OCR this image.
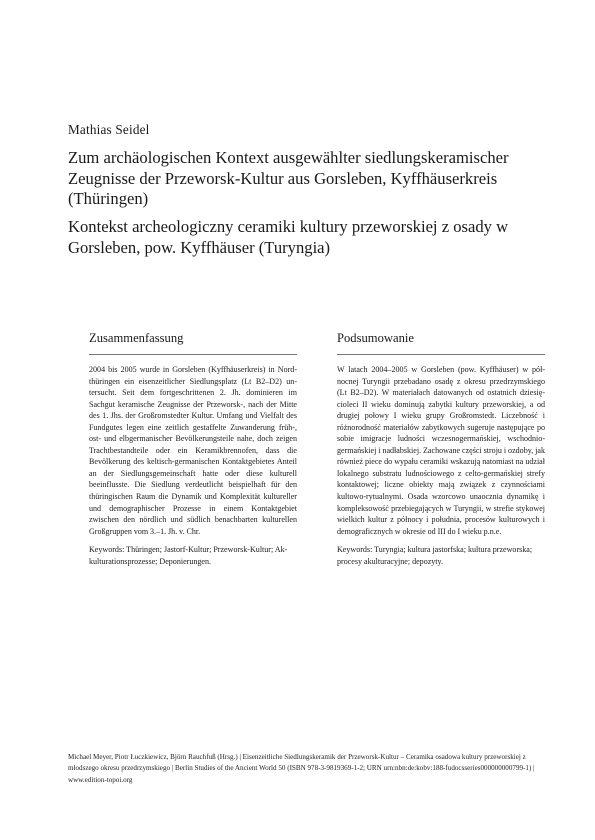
Mathias Seidel
Zum archäologischen Kontext ausgewählter siedlungskeramischer Zeugnisse der Przeworsk-Kultur aus Gorsleben, Kyffhäuserkreis (Thüringen)
Kontekst archeologiczny ceramiki kultury przeworskiej z osady w Gorsleben, pow. Kyffhäuser (Turyngia)
Zusammenfassung

2004 bis 2005 wurde in Gorsleben (Kyffhäuserkreis) in Nordthüringen ein eisenzeitlicher Siedlungsplatz (Lt B2–D2) untersucht. Seit dem fortgeschrittenen 2. Jh. dominieren im Sachgut keramische Zeugnisse der Przeworsk-, nach der Mitte des 1. Jhs. der Großromstedter Kultur. Umfang und Vielfalt des Fundgutes legen eine zeitlich gestaffelte Zuwanderung früh-, ost- und elbgermanischer Bevölkerungsteile nahe, doch zeigen Trachtbestandteile oder ein Keramikbrennofen, dass die Bevölkerung des keltisch-germanischen Kontaktgebietes Anteil an der Siedlungsgemeinschaft hatte oder diese kulturell beeinflusste. Die Siedlung verdeutlicht beispielhaft für den thüringischen Raum die Dynamik und Komplexität kultureller und demographischer Prozesse in einem Kontaktgebiet zwischen den nördlich und südlich benachbarten kulturellen Großgruppen vom 3.–1. Jh. v. Chr.

Keywords: Thüringen; Jastorf-Kultur; Przeworsk-Kultur; Akkulturationsprozesse; Deponierungen.

Podsumowanie

W latach 2004–2005 w Gorsleben (pow. Kyffhäuser) w północnej Turyngii przebadano osadę z okresu przedrzymskiego (Lt B2–D2). W materiałach datowanych od ostatnich dziesięcioleci II wieku dominują zabytki kultury przeworskiej, a od drugiej połowy I wieku grupy Großromstedt. Liczebność i różnorodność materiałów zabytkowych sugeruje następujące po sobie imigracje ludności wczesnogermańskiej, wschodniogermańskiej i nadłabskiej. Zachowane części stroju i ozdoby, jak również piece do wypału ceramiki wskazują natomiast na udział lokalnego substratu ludnościowego z celto-germańskiej strefy kontaktowej; liczne obiekty mają związek z czynnościami kultowo-rytualnymi. Osada wzorcowo unaocznia dynamikę i kompleksowość przebiegających w Turyngii, w strefie stykowej wielkich kultur z północy i południa, procesów kulturowych i demograficznych w okresie od III do I wieku p.n.e.

Keywords: Turyngia; kultura jastorfska; kultura przeworska; procesy akulturacyjne; depozyty.

Michael Meyer, Piotr Łuczkiewicz, Björn Rauchfuß (Hrsg.) | Eisenzeitliche Siedlungskeramik der Przeworsk-Kultur – Ceramika osadowa kultury przeworskiej z młodszego okresu przedrzymskiego | Berlin Studies of the Ancient World 50 (ISBN 978-3-9819369-1-2; URN urn:nbn:de:kobv:188-fudocsseries000000000799-1) | www.edition-topoi.org
